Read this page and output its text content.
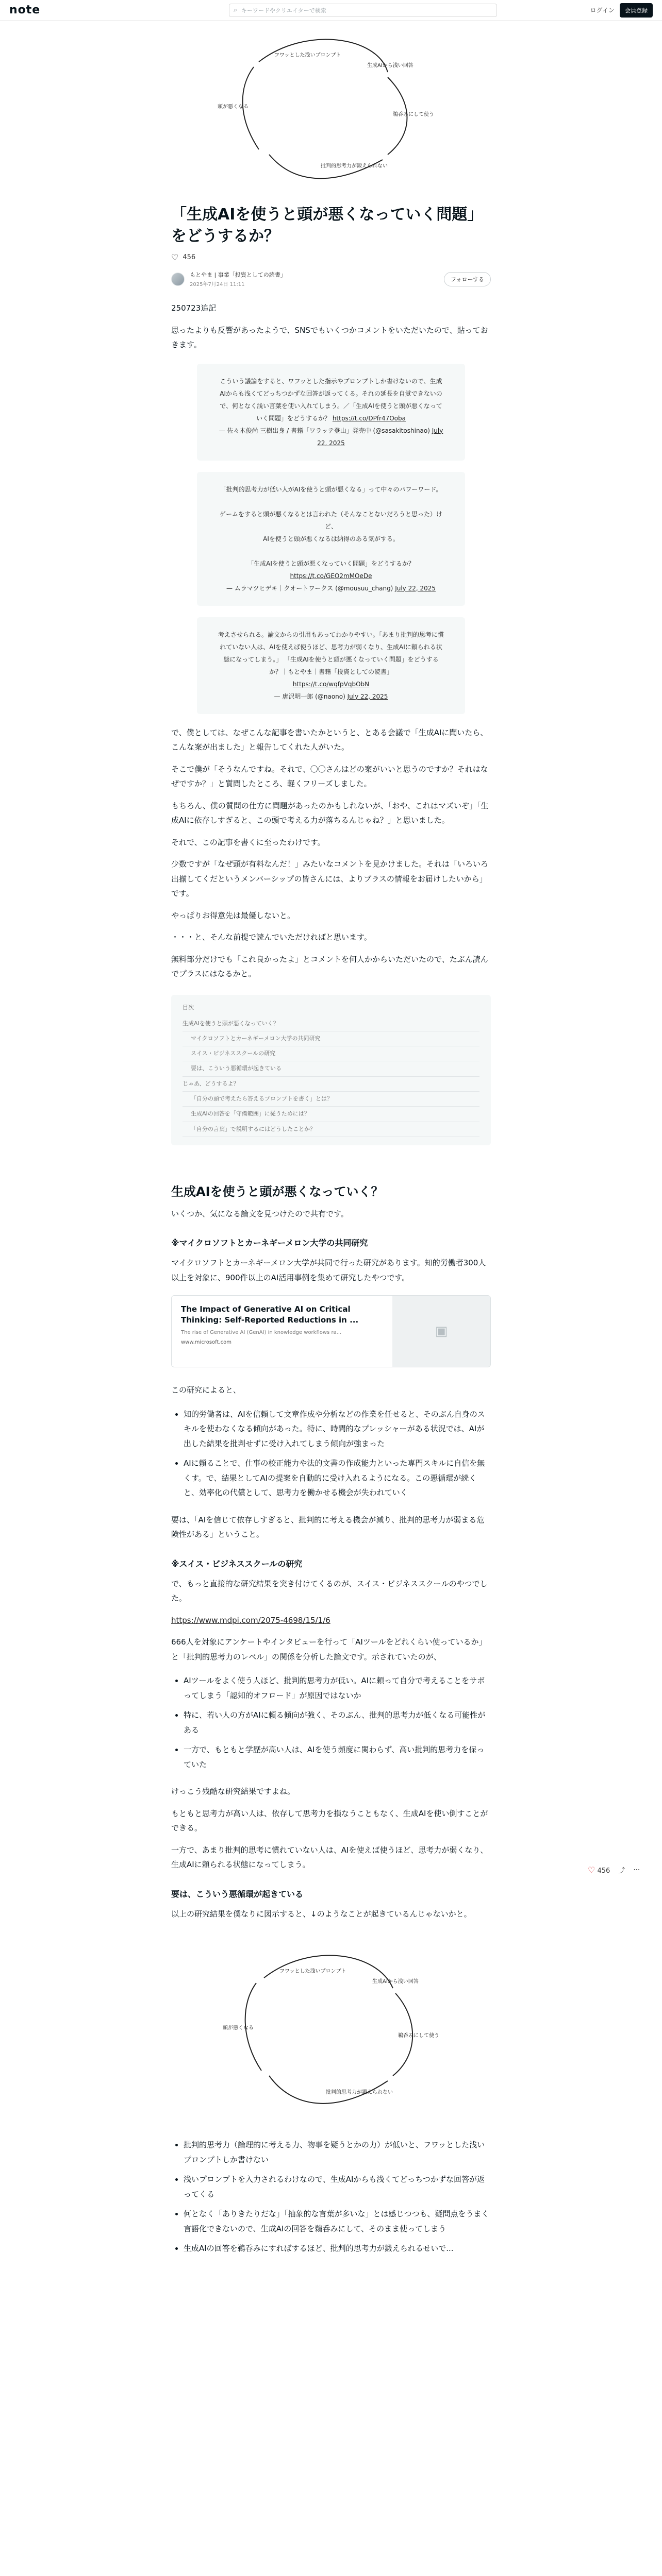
note	⌕ キーワードやクリエイターで検索	ログイン	会員登録
フワッとした浅いプロンプト
生成AIから浅い回答
鵜呑みにして使う
批判的思考力が鍛えられない
頭が悪くなる
「生成AIを使うと頭が悪くなっていく問題」をどうするか？
♡ 456
もとやま | 事業「投資としての読書」
2025年7月24日 11:11
フォローする

250723追記

思ったよりも反響があったようで、SNSでもいくつかコメントをいただいたので、貼っておきます。

こういう議論をすると、ワフッとした指示やプロンプトしか書けないので、生成AIからも浅くてどっちつかずな回答が返ってくる。それの延長を自覚できないので、何となく浅い言葉を使い入れてしまう。／「生成AIを使うと頭が悪くなっていく問題」をどうするか？ https://t.co/DPfr47Ooba
— 佐々木俊尚 三樹出身 / 書籍「ワラッテ登山」発売中 (@sasakitoshinao) July 22, 2025
「批判的思考力が低い人がAIを使うと頭が悪くなる」って中々のパワーワード。

ゲームをすると頭が悪くなるとは言われた（そんなことないだろうと思った）けど、
AIを使うと頭が悪くなるは納得のある気がする。

「生成AIを使うと頭が悪くなっていく問題」をどうするか？
https://t.co/GEO2mMOeDe
— ムラマツヒデキ｜クオートワークス (@mousuu_chang) July 22, 2025
考えさせられる。論文からの引用もあってわかりやすい。「あまり批判的思考に慣れていない人は、AIを使えば使うほど、思考力が弱くなり、生成AIに頼られる状態になってしまう。」 「生成AIを使うと頭が悪くなっていく問題」をどうするか？｜もとやま｜書籍「投資としての読書」
https://t.co/wqfpVqbObN
— 唐沢明一郎 (@naono) July 22, 2025

で、僕としては、なぜこんな記事を書いたかというと、とある会議で「生成AIに聞いたら、こんな案が出ました」と報告してくれた人がいた。

そこで僕が「そうなんですね。それで、〇〇さんはどの案がいいと思うのですか？それはなぜですか？」と質問したところ、軽くフリーズしました。

もちろん、僕の質問の仕方に問題があったのかもしれないが、「おや、これはマズいぞ」「生成AIに依存しすぎると、この頭で考える力が落ちるんじゃね？」と思いました。

それで、この記事を書くに至ったわけです。

少数ですが「なぜ頭が有料なんだ！」みたいなコメントを見かけました。それは「いろいろ出揃してくだというメンバーシップの皆さんには、よりプラスの情報をお届けしたいから」です。

やっぱりお得意先は最優しないと。

・・・と、そんな前提で読んでいただければと思います。

無料部分だけでも「これ良かったよ」とコメントを何人かからいただいたので、たぶん読んでプラスにはなるかと。

目次
生成AIを使うと頭が悪くなっていく？
マイクロソフトとカーネギーメロン大学の共同研究
スイス・ビジネススクールの研究
要は、こういう悪循環が起きている
じゃあ、どうするよ？
「自分の頭で考えたら答えるプロンプトを書く」とは？
生成AIの回答を「守備範囲」に従うためには？
「自分の言葉」で説明するにはどうしたことか？
生成AIを使うと頭が悪くなっていく？

いくつか、気になる論文を見つけたので共有です。

※マイクロソフトとカーネギーメロン大学の共同研究

マイクロソフトとカーネギーメロン大学が共同で行った研究があります。知的労働者300人以上を対象に、900件以上のAI活用事例を集めて研究したやつです。

The Impact of Generative AI on Critical Thinking: Self-Reported Reductions in ...
The rise of Generative AI (GenAI) in knowledge workflows ra...
www.microsoft.com
▣

この研究によると、

• 知的労働者は、AIを信頼して文章作成や分析などの作業を任せると、そのぶん自身のスキルを使わなくなる傾向があった。特に、時間的なプレッシャーがある状況では、AIが出した結果を批判せずに受け入れてしまう傾向が強まった
• AIに頼ることで、仕事の校正能力や法的文書の作成能力といった専門スキルに自信を無くす。で、結果としてAIの提案を自動的に受け入れるようになる。この悪循環が続くと、効率化の代償として、思考力を働かせる機会が失われていく

要は、「AIを信じて依存しすぎると、批判的に考える機会が減り、批判的思考力が弱まる危険性がある」ということ。

※スイス・ビジネススクールの研究

で、もっと直接的な研究結果を突き付けてくるのが、スイス・ビジネススクールのやつでした。

https://www.mdpi.com/2075-4698/15/1/6

666人を対象にアンケートやインタビューを行って「AIツールをどれくらい使っているか」と「批判的思考力のレベル」の関係を分析した論文です。示されていたのが、

• AIツールをよく使う人ほど、批判的思考力が低い。AIに頼って自分で考えることをサボってしまう「認知的オフロード」が原因ではないか
• 特に、若い人の方がAIに頼る傾向が強く、そのぶん、批判的思考力が低くなる可能性がある
• 一方で、もともと学歴が高い人は、AIを使う頻度に関わらず、高い批判的思考力を保っていた

けっこう残酷な研究結果ですよね。

もともと思考力が高い人は、依存して思考力を損なうこともなく、生成AIを使い倒すことができる。

一方で、あまり批判的思考に慣れていない人は、AIを使えば使うほど、思考力が弱くなり、生成AIに頼られる状態になってしまう。

要は、こういう悪循環が起きている

以上の研究結果を僕なりに図示すると、↓のようなことが起きているんじゃないかと。

フワッとした浅いプロンプト
生成AIから浅い回答
鵜呑みにして使う
批判的思考力が鍛えられない
頭が悪くなる
• 批判的思考力（論理的に考える力、物事を疑うとかの力）が低いと、フワッとした浅いプロンプトしか書けない
• 浅いプロンプトを入力されるわけなので、生成AIからも浅くてどっちつかずな回答が返ってくる
• 何となく「ありきたりだな」「抽象的な言葉が多いな」とは感じつつも、疑問点をうまく言語化できないので、生成AIの回答を鵜呑みにして、そのまま使ってしまう
• 生成AIの回答を鵜呑みにすればするほど、批判的思考力が鍛えられるせいで...
♡ 456 ⤴ ⋯
